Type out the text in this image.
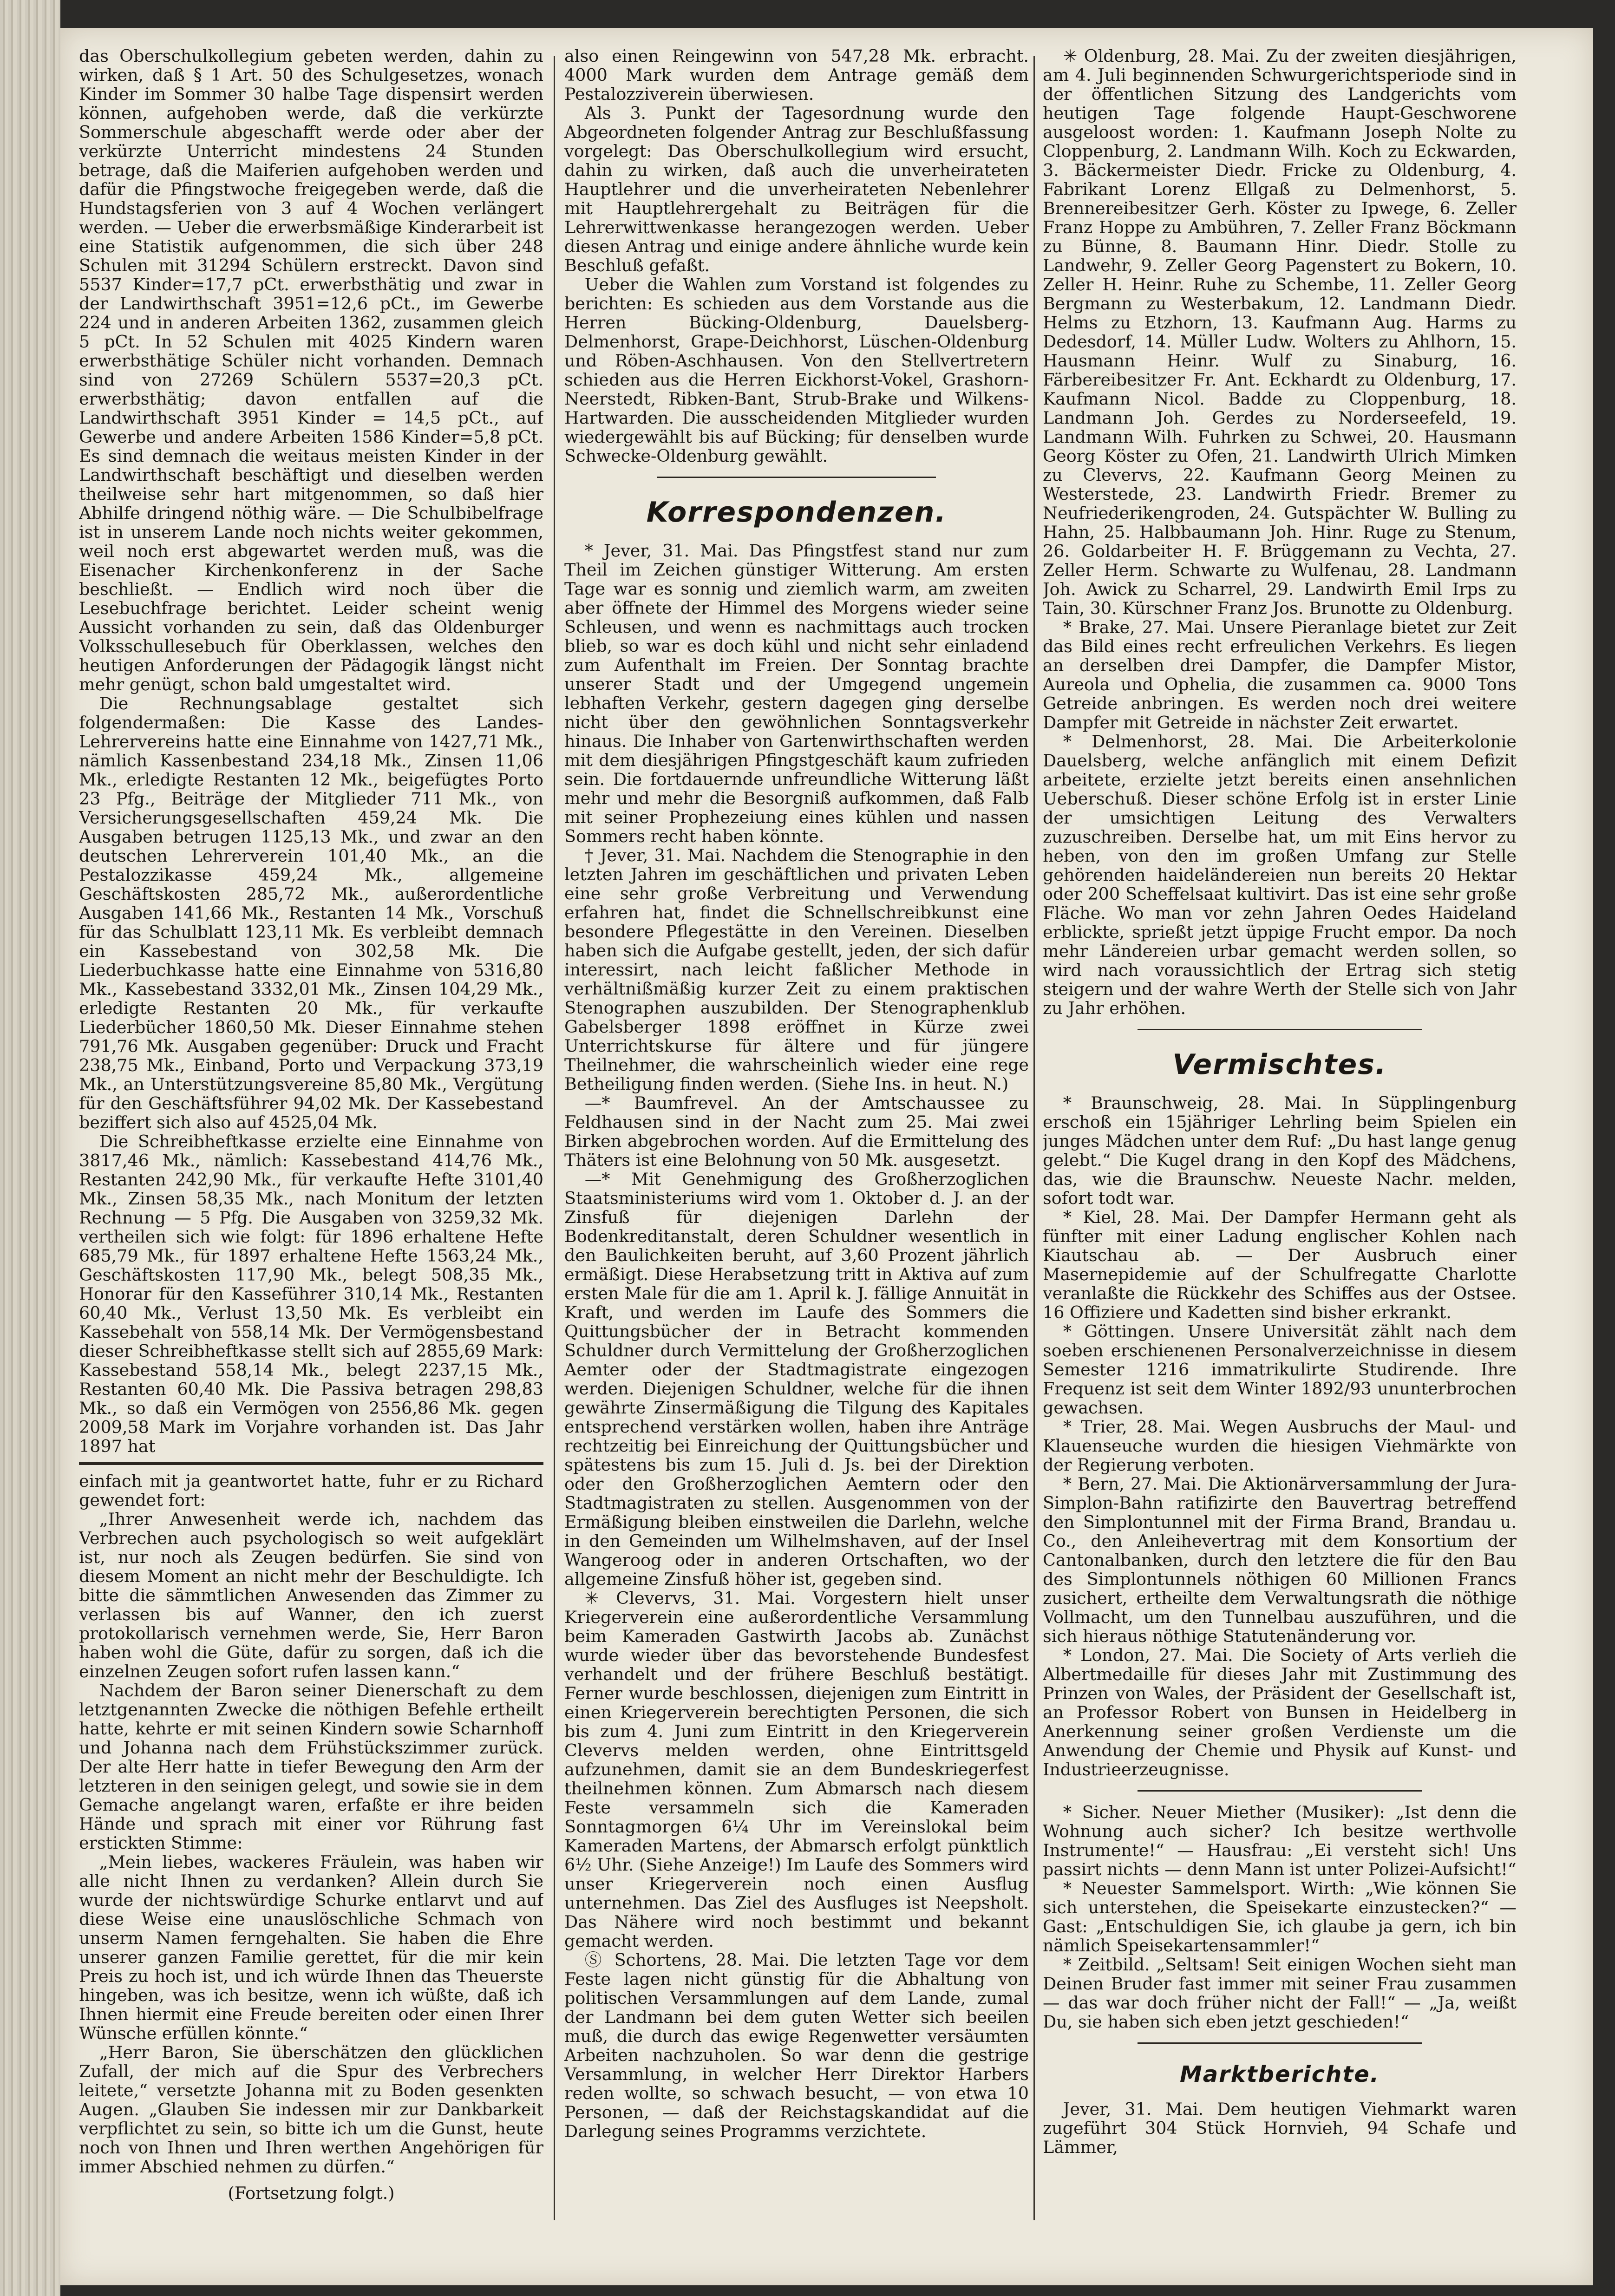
das Oberschulkollegium gebeten werden, dahin zu wirken, daß § 1 Art. 50 des Schulgesetzes, wonach Kinder im Sommer 30 halbe Tage dispensirt werden können, aufgehoben werde, daß die verkürzte Sommerschule abgeschafft werde oder aber der verkürzte Unterricht mindestens 24 Stunden betrage, daß die Maiferien aufgehoben werden und dafür die Pfingstwoche freigegeben werde, daß die Hundstagsferien von 3 auf 4 Wochen verlängert werden. — Ueber die erwerbsmäßige Kinderarbeit ist eine Statistik aufgenommen, die sich über 248 Schulen mit 31294 Schülern erstreckt. Davon sind 5537 Kinder=17,7 pCt. erwerbsthätig und zwar in der Landwirthschaft 3951=12,6 pCt., im Gewerbe 224 und in anderen Arbeiten 1362, zusammen gleich 5 pCt. In 52 Schulen mit 4025 Kindern waren erwerbsthätige Schüler nicht vorhanden. Demnach sind von 27269 Schülern 5537=20,3 pCt. erwerbsthätig; davon entfallen auf die Landwirthschaft 3951 Kinder = 14,5 pCt., auf Gewerbe und andere Arbeiten 1586 Kinder=5,8 pCt. Es sind demnach die weitaus meisten Kinder in der Landwirthschaft beschäftigt und dieselben werden theilweise sehr hart mitgenommen, so daß hier Abhilfe dringend nöthig wäre. — Die Schulbibelfrage ist in unserem Lande noch nichts weiter gekommen, weil noch erst abgewartet werden muß, was die Eisenacher Kirchenkonferenz in der Sache beschließt. — Endlich wird noch über die Lesebuchfrage berichtet. Leider scheint wenig Aussicht vorhanden zu sein, daß das Oldenburger Volksschullesebuch für Oberklassen, welches den heutigen Anforderungen der Pädagogik längst nicht mehr genügt, schon bald umgestaltet wird.

Die Rechnungsablage gestaltet sich folgendermaßen: Die Kasse des Landes-Lehrervereins hatte eine Einnahme von 1427,71 Mk., nämlich Kassenbestand 234,18 Mk., Zinsen 11,06 Mk., erledigte Restanten 12 Mk., beigefügtes Porto 23 Pfg., Beiträge der Mitglieder 711 Mk., von Versicherungsgesellschaften 459,24 Mk. Die Ausgaben betrugen 1125,13 Mk., und zwar an den deutschen Lehrerverein 101,40 Mk., an die Pestalozzikasse 459,24 Mk., allgemeine Geschäftskosten 285,72 Mk., außerordentliche Ausgaben 141,66 Mk., Restanten 14 Mk., Vorschuß für das Schulblatt 123,11 Mk. Es verbleibt demnach ein Kassebestand von 302,58 Mk. Die Liederbuchkasse hatte eine Einnahme von 5316,80 Mk., Kassebestand 3332,01 Mk., Zinsen 104,29 Mk., erledigte Restanten 20 Mk., für verkaufte Liederbücher 1860,50 Mk. Dieser Einnahme stehen 791,76 Mk. Ausgaben gegenüber: Druck und Fracht 238,75 Mk., Einband, Porto und Verpackung 373,19 Mk., an Unterstützungsvereine 85,80 Mk., Vergütung für den Geschäftsführer 94,02 Mk. Der Kassebestand beziffert sich also auf 4525,04 Mk.

Die Schreibheftkasse erzielte eine Einnahme von 3817,46 Mk., nämlich: Kassebestand 414,76 Mk., Restanten 242,90 Mk., für verkaufte Hefte 3101,40 Mk., Zinsen 58,35 Mk., nach Monitum der letzten Rechnung — 5 Pfg. Die Ausgaben von 3259,32 Mk. vertheilen sich wie folgt: für 1896 erhaltene Hefte 685,79 Mk., für 1897 erhaltene Hefte 1563,24 Mk., Geschäftskosten 117,90 Mk., belegt 508,35 Mk., Honorar für den Kasseführer 310,14 Mk., Restanten 60,40 Mk., Verlust 13,50 Mk. Es verbleibt ein Kassebehalt von 558,14 Mk. Der Vermögensbestand dieser Schreibheftkasse stellt sich auf 2855,69 Mark: Kassebestand 558,14 Mk., belegt 2237,15 Mk., Restanten 60,40 Mk. Die Passiva betragen 298,83 Mk., so daß ein Vermögen von 2556,86 Mk. gegen 2009,58 Mark im Vorjahre vorhanden ist. Das Jahr 1897 hat

einfach mit ja geantwortet hatte, fuhr er zu Richard gewendet fort:

„Ihrer Anwesenheit werde ich, nachdem das Verbrechen auch psychologisch so weit aufgeklärt ist, nur noch als Zeugen bedürfen. Sie sind von diesem Moment an nicht mehr der Beschuldigte. Ich bitte die sämmtlichen Anwesenden das Zimmer zu verlassen bis auf Wanner, den ich zuerst protokollarisch vernehmen werde, Sie, Herr Baron haben wohl die Güte, dafür zu sorgen, daß ich die einzelnen Zeugen sofort rufen lassen kann.“

Nachdem der Baron seiner Dienerschaft zu dem letztgenannten Zwecke die nöthigen Befehle ertheilt hatte, kehrte er mit seinen Kindern sowie Scharnhoff und Johanna nach dem Frühstückszimmer zurück. Der alte Herr hatte in tiefer Bewegung den Arm der letzteren in den seinigen gelegt, und sowie sie in dem Gemache angelangt waren, erfaßte er ihre beiden Hände und sprach mit einer vor Rührung fast erstickten Stimme:

„Mein liebes, wackeres Fräulein, was haben wir alle nicht Ihnen zu verdanken? Allein durch Sie wurde der nichtswürdige Schurke entlarvt und auf diese Weise eine unauslöschliche Schmach von unserm Namen ferngehalten. Sie haben die Ehre unserer ganzen Familie gerettet, für die mir kein Preis zu hoch ist, und ich würde Ihnen das Theuerste hingeben, was ich besitze, wenn ich wüßte, daß ich Ihnen hiermit eine Freude bereiten oder einen Ihrer Wünsche erfüllen könnte.“

„Herr Baron, Sie überschätzen den glücklichen Zufall, der mich auf die Spur des Verbrechers leitete,“ versetzte Johanna mit zu Boden gesenkten Augen. „Glauben Sie indessen mir zur Dankbarkeit verpflichtet zu sein, so bitte ich um die Gunst, heute noch von Ihnen und Ihren werthen Angehörigen für immer Abschied nehmen zu dürfen.“

(Fortsetzung folgt.)

also einen Reingewinn von 547,28 Mk. erbracht. 4000 Mark wurden dem Antrage gemäß dem Pestalozziverein überwiesen.

Als 3. Punkt der Tagesordnung wurde den Abgeordneten folgender Antrag zur Beschlußfassung vorgelegt: Das Oberschulkollegium wird ersucht, dahin zu wirken, daß auch die unverheirateten Hauptlehrer und die unverheirateten Nebenlehrer mit Hauptlehrergehalt zu Beiträgen für die Lehrerwittwenkasse herangezogen werden. Ueber diesen Antrag und einige andere ähnliche wurde kein Beschluß gefaßt.

Ueber die Wahlen zum Vorstand ist folgendes zu berichten: Es schieden aus dem Vorstande aus die Herren Bücking-Oldenburg, Dauelsberg-Delmenhorst, Grape-Deichhorst, Lüschen-Oldenburg und Röben-Aschhausen. Von den Stellvertretern schieden aus die Herren Eickhorst-Vokel, Grashorn-Neerstedt, Ribken-Bant, Strub-Brake und Wilkens-Hartwarden. Die ausscheidenden Mitglieder wurden wiedergewählt bis auf Bücking; für denselben wurde Schwecke-Oldenburg gewählt.

Korrespondenzen.

* Jever, 31. Mai. Das Pfingstfest stand nur zum Theil im Zeichen günstiger Witterung. Am ersten Tage war es sonnig und ziemlich warm, am zweiten aber öffnete der Himmel des Morgens wieder seine Schleusen, und wenn es nachmittags auch trocken blieb, so war es doch kühl und nicht sehr einladend zum Aufenthalt im Freien. Der Sonntag brachte unserer Stadt und der Umgegend ungemein lebhaften Verkehr, gestern dagegen ging derselbe nicht über den gewöhnlichen Sonntagsverkehr hinaus. Die Inhaber von Gartenwirthschaften werden mit dem diesjährigen Pfingstgeschäft kaum zufrieden sein. Die fortdauernde unfreundliche Witterung läßt mehr und mehr die Besorgniß aufkommen, daß Falb mit seiner Prophezeiung eines kühlen und nassen Sommers recht haben könnte.

† Jever, 31. Mai. Nachdem die Stenographie in den letzten Jahren im geschäftlichen und privaten Leben eine sehr große Verbreitung und Verwendung erfahren hat, findet die Schnellschreibkunst eine besondere Pflegestätte in den Vereinen. Dieselben haben sich die Aufgabe gestellt, jeden, der sich dafür interessirt, nach leicht faßlicher Methode in verhältnißmäßig kurzer Zeit zu einem praktischen Stenographen auszubilden. Der Stenographenklub Gabelsberger 1898 eröffnet in Kürze zwei Unterrichtskurse für ältere und für jüngere Theilnehmer, die wahrscheinlich wieder eine rege Betheiligung finden werden. (Siehe Ins. in heut. N.)

—* Baumfrevel. An der Amtschaussee zu Feldhausen sind in der Nacht zum 25. Mai zwei Birken abgebrochen worden. Auf die Ermittelung des Thäters ist eine Belohnung von 50 Mk. ausgesetzt.

—* Mit Genehmigung des Großherzoglichen Staatsministeriums wird vom 1. Oktober d. J. an der Zinsfuß für diejenigen Darlehn der Bodenkreditanstalt, deren Schuldner wesentlich in den Baulichkeiten beruht, auf 3,60 Prozent jährlich ermäßigt. Diese Herabsetzung tritt in Aktiva auf zum ersten Male für die am 1. April k. J. fällige Annuität in Kraft, und werden im Laufe des Sommers die Quittungsbücher der in Betracht kommenden Schuldner durch Vermittelung der Großherzoglichen Aemter oder der Stadtmagistrate eingezogen werden. Diejenigen Schuldner, welche für die ihnen gewährte Zinsermäßigung die Tilgung des Kapitales entsprechend verstärken wollen, haben ihre Anträge rechtzeitig bei Einreichung der Quittungsbücher und spätestens bis zum 15. Juli d. Js. bei der Direktion oder den Großherzoglichen Aemtern oder den Stadtmagistraten zu stellen. Ausgenommen von der Ermäßigung bleiben einstweilen die Darlehn, welche in den Gemeinden um Wilhelmshaven, auf der Insel Wangeroog oder in anderen Ortschaften, wo der allgemeine Zinsfuß höher ist, gegeben sind.

✳ Clevervs, 31. Mai. Vorgestern hielt unser Kriegerverein eine außerordentliche Versammlung beim Kameraden Gastwirth Jacobs ab. Zunächst wurde wieder über das bevorstehende Bundesfest verhandelt und der frühere Beschluß bestätigt. Ferner wurde beschlossen, diejenigen zum Eintritt in einen Kriegerverein berechtigten Personen, die sich bis zum 4. Juni zum Eintritt in den Kriegerverein Clevervs melden werden, ohne Eintrittsgeld aufzunehmen, damit sie an dem Bundeskriegerfest theilnehmen können. Zum Abmarsch nach diesem Feste versammeln sich die Kameraden Sonntagmorgen 6¼ Uhr im Vereinslokal beim Kameraden Martens, der Abmarsch erfolgt pünktlich 6½ Uhr. (Siehe Anzeige!) Im Laufe des Sommers wird unser Kriegerverein noch einen Ausflug unternehmen. Das Ziel des Ausfluges ist Neepsholt. Das Nähere wird noch bestimmt und bekannt gemacht werden.

Ⓢ Schortens, 28. Mai. Die letzten Tage vor dem Feste lagen nicht günstig für die Abhaltung von politischen Versammlungen auf dem Lande, zumal der Landmann bei dem guten Wetter sich beeilen muß, die durch das ewige Regenwetter versäumten Arbeiten nachzuholen. So war denn die gestrige Versammlung, in welcher Herr Direktor Harbers reden wollte, so schwach besucht, — von etwa 10 Personen, — daß der Reichstagskandidat auf die Darlegung seines Programms verzichtete.

✳ Oldenburg, 28. Mai. Zu der zweiten diesjährigen, am 4. Juli beginnenden Schwurgerichtsperiode sind in der öffentlichen Sitzung des Landgerichts vom heutigen Tage folgende Haupt-Geschworene ausgeloost worden: 1. Kaufmann Joseph Nolte zu Cloppenburg, 2. Landmann Wilh. Koch zu Eckwarden, 3. Bäckermeister Diedr. Fricke zu Oldenburg, 4. Fabrikant Lorenz Ellgaß zu Delmenhorst, 5. Brennereibesitzer Gerh. Köster zu Ipwege, 6. Zeller Franz Hoppe zu Ambühren, 7. Zeller Franz Böckmann zu Bünne, 8. Baumann Hinr. Diedr. Stolle zu Landwehr, 9. Zeller Georg Pagenstert zu Bokern, 10. Zeller H. Heinr. Ruhe zu Schembe, 11. Zeller Georg Bergmann zu Westerbakum, 12. Landmann Diedr. Helms zu Etzhorn, 13. Kaufmann Aug. Harms zu Dedesdorf, 14. Müller Ludw. Wolters zu Ahlhorn, 15. Hausmann Heinr. Wulf zu Sinaburg, 16. Färbereibesitzer Fr. Ant. Eckhardt zu Oldenburg, 17. Kaufmann Nicol. Badde zu Cloppenburg, 18. Landmann Joh. Gerdes zu Norderseefeld, 19. Landmann Wilh. Fuhrken zu Schwei, 20. Hausmann Georg Köster zu Ofen, 21. Landwirth Ulrich Mimken zu Clevervs, 22. Kaufmann Georg Meinen zu Westerstede, 23. Landwirth Friedr. Bremer zu Neufriederikengroden, 24. Gutspächter W. Bulling zu Hahn, 25. Halbbaumann Joh. Hinr. Ruge zu Stenum, 26. Goldarbeiter H. F. Brüggemann zu Vechta, 27. Zeller Herm. Schwarte zu Wulfenau, 28. Landmann Joh. Awick zu Scharrel, 29. Landwirth Emil Irps zu Tain, 30. Kürschner Franz Jos. Brunotte zu Oldenburg.

* Brake, 27. Mai. Unsere Pieranlage bietet zur Zeit das Bild eines recht erfreulichen Verkehrs. Es liegen an derselben drei Dampfer, die Dampfer Mistor, Aureola und Ophelia, die zusammen ca. 9000 Tons Getreide anbringen. Es werden noch drei weitere Dampfer mit Getreide in nächster Zeit erwartet.

* Delmenhorst, 28. Mai. Die Arbeiterkolonie Dauelsberg, welche anfänglich mit einem Defizit arbeitete, erzielte jetzt bereits einen ansehnlichen Ueberschuß. Dieser schöne Erfolg ist in erster Linie der umsichtigen Leitung des Verwalters zuzuschreiben. Derselbe hat, um mit Eins hervor zu heben, von den im großen Umfang zur Stelle gehörenden haideländereien nun bereits 20 Hektar oder 200 Scheffelsaat kultivirt. Das ist eine sehr große Fläche. Wo man vor zehn Jahren Oedes Haideland erblickte, sprießt jetzt üppige Frucht empor. Da noch mehr Ländereien urbar gemacht werden sollen, so wird nach voraussichtlich der Ertrag sich stetig steigern und der wahre Werth der Stelle sich von Jahr zu Jahr erhöhen.

Vermischtes.

* Braunschweig, 28. Mai. In Süpplingenburg erschoß ein 15jähriger Lehrling beim Spielen ein junges Mädchen unter dem Ruf: „Du hast lange genug gelebt.“ Die Kugel drang in den Kopf des Mädchens, das, wie die Braunschw. Neueste Nachr. melden, sofort todt war.

* Kiel, 28. Mai. Der Dampfer Hermann geht als fünfter mit einer Ladung englischer Kohlen nach Kiautschau ab. — Der Ausbruch einer Masernepidemie auf der Schulfregatte Charlotte veranlaßte die Rückkehr des Schiffes aus der Ostsee. 16 Offiziere und Kadetten sind bisher erkrankt.

* Göttingen. Unsere Universität zählt nach dem soeben erschienenen Personalverzeichnisse in diesem Semester 1216 immatrikulirte Studirende. Ihre Frequenz ist seit dem Winter 1892/93 ununterbrochen gewachsen.

* Trier, 28. Mai. Wegen Ausbruchs der Maul- und Klauenseuche wurden die hiesigen Viehmärkte von der Regierung verboten.

* Bern, 27. Mai. Die Aktionärversammlung der Jura-Simplon-Bahn ratifizirte den Bauvertrag betreffend den Simplontunnel mit der Firma Brand, Brandau u. Co., den Anleihevertrag mit dem Konsortium der Cantonalbanken, durch den letztere die für den Bau des Simplontunnels nöthigen 60 Millionen Francs zusichert, ertheilte dem Verwaltungsrath die nöthige Vollmacht, um den Tunnelbau auszuführen, und die sich hieraus nöthige Statutenänderung vor.

* London, 27. Mai. Die Society of Arts verlieh die Albertmedaille für dieses Jahr mit Zustimmung des Prinzen von Wales, der Präsident der Gesellschaft ist, an Professor Robert von Bunsen in Heidelberg in Anerkennung seiner großen Verdienste um die Anwendung der Chemie und Physik auf Kunst- und Industrieerzeugnisse.

* Sicher. Neuer Miether (Musiker): „Ist denn die Wohnung auch sicher? Ich besitze werthvolle Instrumente!“ — Hausfrau: „Ei versteht sich! Uns passirt nichts — denn Mann ist unter Polizei-Aufsicht!“

* Neuester Sammelsport. Wirth: „Wie können Sie sich unterstehen, die Speisekarte einzustecken?“ — Gast: „Entschuldigen Sie, ich glaube ja gern, ich bin nämlich Speisekartensammler!“

* Zeitbild. „Seltsam! Seit einigen Wochen sieht man Deinen Bruder fast immer mit seiner Frau zusammen — das war doch früher nicht der Fall!“ — „Ja, weißt Du, sie haben sich eben jetzt geschieden!“

Marktberichte.

Jever, 31. Mai. Dem heutigen Viehmarkt waren zugeführt 304 Stück Hornvieh, 94 Schafe und Lämmer,
